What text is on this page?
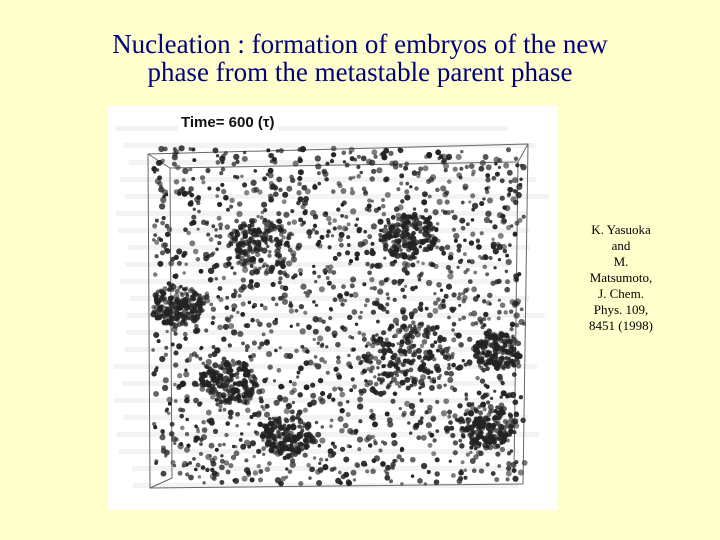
Nucleation : formation of embryos of the new
phase from the metastable parent phase
Time= 600 (τ)
K. Yasuoka
and
M.
Matsumoto,
J. Chem.
Phys. 109,
8451 (1998)
